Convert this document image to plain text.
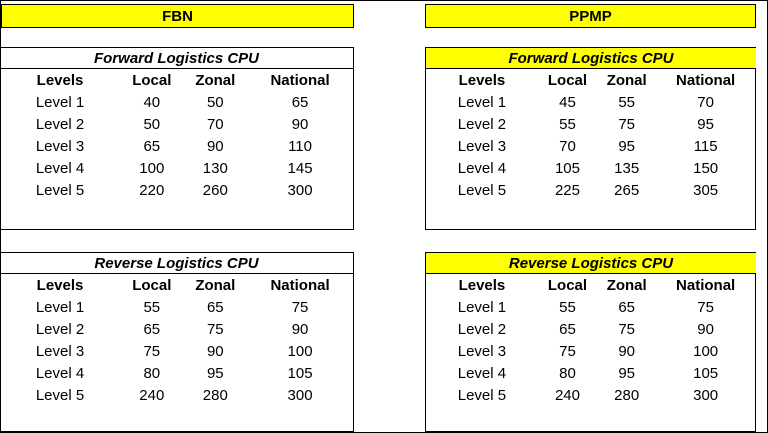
FBN	PPMP
Forward Logistics CPU
Levels	Local	Zonal	National
Level 1	40	50	65
Level 2	50	70	90
Level 3	65	90	110
Level 4	100	130	145
Level 5	220	260	300
Forward Logistics CPU
Levels	Local	Zonal	National
Level 1	45	55	70
Level 2	55	75	95
Level 3	70	95	115
Level 4	105	135	150
Level 5	225	265	305
Reverse Logistics CPU
Levels	Local	Zonal	National
Level 1	55	65	75
Level 2	65	75	90
Level 3	75	90	100
Level 4	80	95	105
Level 5	240	280	300
Reverse Logistics CPU
Levels	Local	Zonal	National
Level 1	55	65	75
Level 2	65	75	90
Level 3	75	90	100
Level 4	80	95	105
Level 5	240	280	300
